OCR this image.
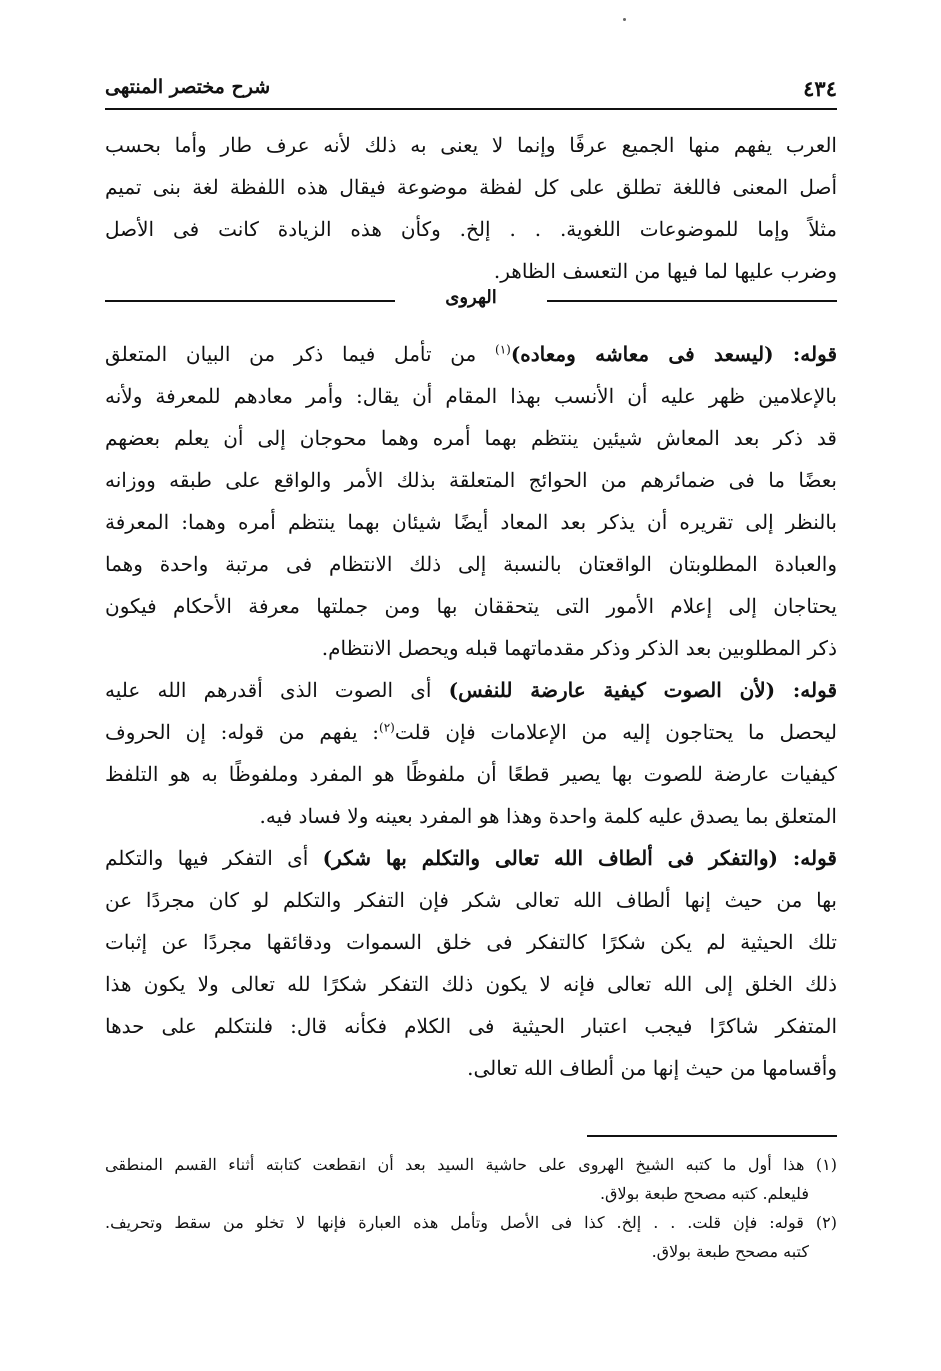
٤٣٤
شرح مختصر المنتهى
العرب يفهم منها الجميع عرفًا وإنما لا يعنى به ذلك لأنه عرف طار وأما بحسب
أصل المعنى فاللغة تطلق على كل لفظة موضوعة فيقال هذه اللفظة لغة بنى تميم
مثلاً وإما للموضوعات اللغوية. . . إلخ. وكأن هذه الزيادة كانت فى الأصل
وضرب عليها لما فيها من التعسف الظاهر.
الهروى
قوله: (ليسعد فى معاشه ومعاده)$^{(١)}$ من تأمل فيما ذكر من البيان المتعلق
بالإعلامين ظهر عليه أن الأنسب بهذا المقام أن يقال: وأمر معادهم للمعرفة ولأنه
قد ذكر بعد المعاش شيئين ينتظم بهما أمره وهما محوجان إلى أن يعلم بعضهم
بعضًا ما فى ضمائرهم من الحوائج المتعلقة بذلك الأمر والواقع على طبقه ووزانه
بالنظر إلى تقريره أن يذكر بعد المعاد أيضًا شيئان بهما ينتظم أمره وهما: المعرفة
والعبادة المطلوبتان الواقعتان بالنسبة إلى ذلك الانتظام فى مرتبة واحدة وهما
يحتاجان إلى إعلام الأمور التى يتحققان بها ومن جملتها معرفة الأحكام فيكون
ذكر المطلوبين بعد الذكر وذكر مقدماتهما قبله ويحصل الانتظام.
قوله: (لأن الصوت كيفية عارضة للنفس) أى الصوت الذى أقدرهم الله عليه
ليحصل ما يحتاجون إليه من الإعلامات فإن قلت$^{(٢)}$: يفهم من قوله: إن الحروف
كيفيات عارضة للصوت بها يصير قطعًا أن ملفوظًا هو المفرد وملفوظًا به هو التلفظ
المتعلق بما يصدق عليه كلمة واحدة وهذا هو المفرد بعينه ولا فساد فيه.
قوله: (والتفكر فى ألطاف الله تعالى والتكلم بها شكر) أى التفكر فيها والتكلم
بها من حيث إنها ألطاف الله تعالى شكر فإن التفكر والتكلم لو كان مجردًا عن
تلك الحيثية لم يكن شكرًا كالتفكر فى خلق السموات ودقائقها مجردًا عن إثبات
ذلك الخلق إلى الله تعالى فإنه لا يكون ذلك التفكر شكرًا لله تعالى ولا يكون هذا
المتفكر شاكرًا فيجب اعتبار الحيثية فى الكلام فكأنه قال: فلنتكلم على حدها
وأقسامها من حيث إنها من ألطاف الله تعالى.
(١) هذا أول ما كتبه الشيخ الهروى على حاشية السيد بعد أن انقطعت كتابته أثناء القسم المنطقى
فليعلم. كتبه مصحح طبعة بولاق.
(٢) قوله: فإن قلت. . . إلخ. كذا فى الأصل وتأمل هذه العبارة فإنها لا تخلو من سقط وتحريف.
كتبه مصحح طبعة بولاق.
